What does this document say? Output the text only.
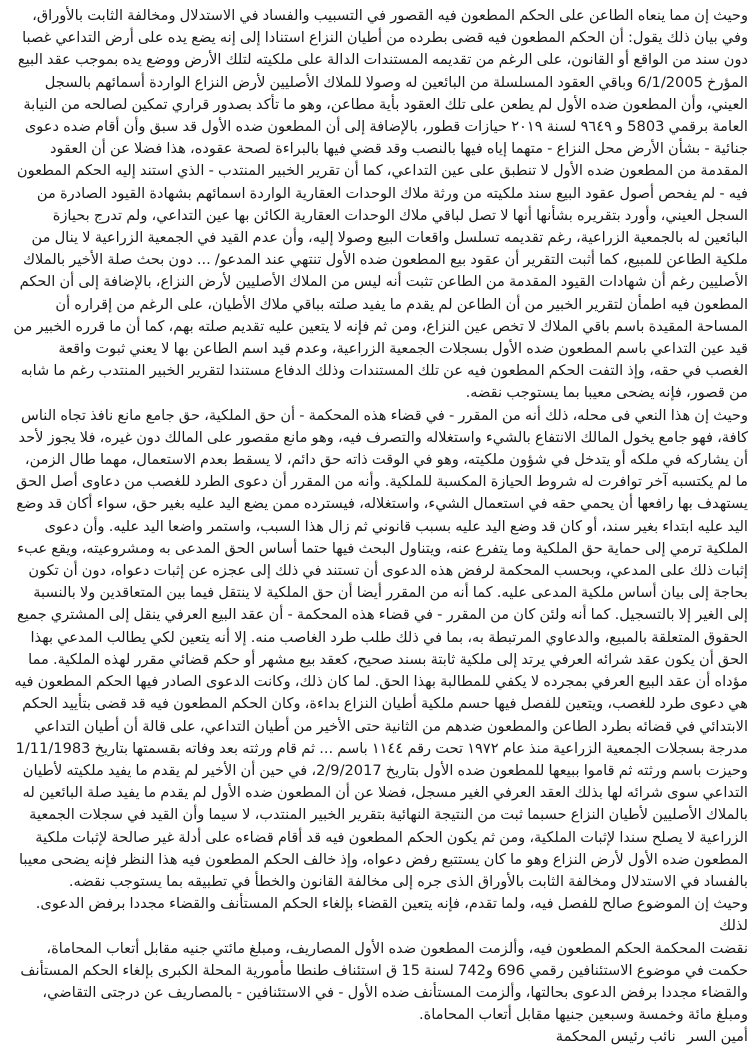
وحيث إن مما ينعاه الطاعن على الحكم المطعون فيه القصور في التسبيب والفساد في الاستدلال ومخالفة الثابت بالأوراق، وفي بيان ذلك يقول: أن الحكم المطعون فيه قضى بطرده من أطيان النزاع استنادا إلى إنه يضع يده على أرض التداعي غصبا دون سند من الواقع أو القانون، على الرغم من تقديمه المستندات الدالة على ملكيته لتلك الأرض ووضع يده بموجب عقد البيع المؤرخ 6/1/2005 وباقي العقود المسلسلة من البائعين له وصولا للملاك الأصليين لأرض النزاع الواردة أسمائهم بالسجل العيني، وأن المطعون ضده الأول لم يطعن على تلك العقود بأية مطاعن، وهو ما تأكد بصدور قراري تمكين لصالحه من النيابة العامة برقمي 5803 و ٩٦٤٩ لسنة ٢٠١٩ حيازات قطور، بالإضافة إلى أن المطعون ضده الأول قد سبق وأن أقام ضده دعوى جنائية - بشأن الأرض محل النزاع - متهما إياه فيها بالنصب وقد قضي فيها بالبراءة لصحة عقوده، هذا فضلا عن أن العقود المقدمة من المطعون ضده الأول لا تنطبق على عين التداعي، كما أن تقرير الخبير المنتدب - الذي استند إليه الحكم المطعون فيه - لم يفحص أصول عقود البيع سند ملكيته من ورثة ملاك الوحدات العقارية الواردة اسمائهم بشهادة القيود الصادرة من السجل العيني، وأورد بتقريره بشأنها أنها لا تصل لباقي ملاك الوحدات العقارية الكائن بها عين التداعي، ولم تدرج بحيازة البائعين له بالجمعية الزراعية، رغم تقديمه تسلسل واقعات البيع وصولا إليه، وأن عدم القيد في الجمعية الزراعية لا ينال من ملكية الطاعن للمبيع، كما أثبت التقرير أن عقود بيع المطعون ضده الأول تنتهي عند المدعو/ ... دون بحث صلة الأخير بالملاك الأصليين رغم أن شهادات القيود المقدمة من الطاعن تثبت أنه ليس من الملاك الأصليين لأرض النزاع، بالإضافة إلى أن الحكم المطعون فيه اطمأن لتقرير الخبير من أن الطاعن لم يقدم ما يفيد صلته بباقي ملاك الأطيان، على الرغم من إقراره أن المساحة المقيدة باسم باقي الملاك لا تخص عين النزاع، ومن ثم فإنه لا يتعين عليه تقديم صلته بهم، كما أن ما قرره الخبير من قيد عين التداعي باسم المطعون ضده الأول بسجلات الجمعية الزراعية، وعدم قيد اسم الطاعن بها لا يعني ثبوت واقعة الغصب في حقه، وإذ التفت الحكم المطعون فيه عن تلك المستندات وذلك الدفاع مستندا لتقرير الخبير المنتدب رغم ما شابه من قصور، فإنه يضحى معيبا بما يستوجب نقضه.

وحيث إن هذا النعي فى محله، ذلك أنه من المقرر - في قضاء هذه المحكمة - أن حق الملكية، حق جامع مانع نافذ تجاه الناس كافة، فهو جامع يخول المالك الانتفاع بالشيء واستغلاله والتصرف فيه، وهو مانع مقصور على المالك دون غيره، فلا يجوز لأحد أن يشاركه في ملكه أو يتدخل في شؤون ملكيته، وهو في الوقت ذاته حق دائم، لا يسقط بعدم الاستعمال، مهما طال الزمن، ما لم يكتسبه آخر توافرت له شروط الحيازة المكسبة للملكية. وأنه من المقرر أن دعوى الطرد للغصب من دعاوى أصل الحق يستهدف بها رافعها أن يحمي حقه في استعمال الشيء، واستغلاله، فيسترده ممن يضع اليد عليه بغير حق، سواء أكان قد وضع اليد عليه ابتداء بغير سند، أو كان قد وضع اليد عليه بسبب قانوني ثم زال هذا السبب، واستمر واضعا اليد عليه. وأن دعوى الملكية ترمي إلى حماية حق الملكية وما يتفرع عنه، ويتناول البحث فيها حتما أساس الحق المدعى به ومشروعيته، ويقع عبء إثبات ذلك على المدعي، وبحسب المحكمة لرفض هذه الدعوى أن تستند في ذلك إلى عجزه عن إثبات دعواه، دون أن تكون بحاجة إلى بيان أساس ملكية المدعى عليه. كما أنه من المقرر أيضا أن حق الملكية لا ينتقل فيما بين المتعاقدين ولا بالنسبة إلى الغير إلا بالتسجيل. كما أنه ولئن كان من المقرر - في قضاء هذه المحكمة - أن عقد البيع العرفي ينقل إلى المشتري جميع الحقوق المتعلقة بالمبيع، والدعاوي المرتبطة به، بما في ذلك طلب طرد الغاصب منه. إلا أنه يتعين لكي يطالب المدعي بهذا الحق أن يكون عقد شرائه العرفي يرتد إلى ملكية ثابتة بسند صحيح، كعقد بيع مشهر أو حكم قضائي مقرر لهذه الملكية. مما مؤداه أن عقد البيع العرفي بمجرده لا يكفي للمطالبة بهذا الحق. لما كان ذلك، وكانت الدعوى الصادر فيها الحكم المطعون فيه هي دعوى طرد للغصب، ويتعين للفصل فيها حسم ملكية أطيان النزاع بداءة، وكان الحكم المطعون فيه قد قضى بتأييد الحكم الابتدائي في قضائه بطرد الطاعن والمطعون ضدهم من الثانية حتى الأخير من أطيان التداعي، على قالة أن أطيان التداعي مدرجة بسجلات الجمعية الزراعية منذ عام ١٩٧٢ تحت رقم ١١٤٤ باسم ... ثم قام ورثته بعد وفاته بقسمتها بتاريخ 1/11/1983 وحيزت باسم ورثته ثم قاموا ببيعها للمطعون ضده الأول بتاريخ 2/9/2017، في حين أن الأخير لم يقدم ما يفيد ملكيته لأطيان التداعي سوى شرائه لها بذلك العقد العرفي الغير مسجل، فضلا عن أن المطعون ضده الأول لم يقدم ما يفيد صلة البائعين له بالملاك الأصليين لأطيان النزاع حسبما ثبت من النتيجة النهائية بتقرير الخبير المنتدب، لا سيما وأن القيد في سجلات الجمعية الزراعية لا يصلح سندا لإثبات الملكية، ومن ثم يكون الحكم المطعون فيه قد أقام قضاءه على أدلة غير صالحة لإثبات ملكية المطعون ضده الأول لأرض النزاع وهو ما كان يستتبع رفض دعواه، وإذ خالف الحكم المطعون فيه هذا النظر فإنه يضحى معيبا بالفساد في الاستدلال ومخالفة الثابت بالأوراق الذى جره إلى مخالفة القانون والخطأ في تطبيقه بما يستوجب نقضه.

وحيث إن الموضوع صالح للفصل فيه، ولما تقدم، فإنه يتعين القضاء بإلغاء الحكم المستأنف والقضاء مجددا برفض الدعوى.

لذلك

نقضت المحكمة الحكم المطعون فيه، وألزمت المطعون ضده الأول المصاريف، ومبلغ مائتي جنيه مقابل أتعاب المحاماة، حكمت في موضوع الاستئنافين رقمي 696 و742 لسنة 15 ق استئناف طنطا مأمورية المحلة الكبرى بإلغاء الحكم المستأنف والقضاء مجددا برفض الدعوى بحالتها، وألزمت المستأنف ضده الأول - في الاستئنافين - بالمصاريف عن درجتى التقاضي، ومبلغ مائة وخمسة وسبعين جنيها مقابل أتعاب المحاماة.

أمين السر نائب رئيس المحكمة
